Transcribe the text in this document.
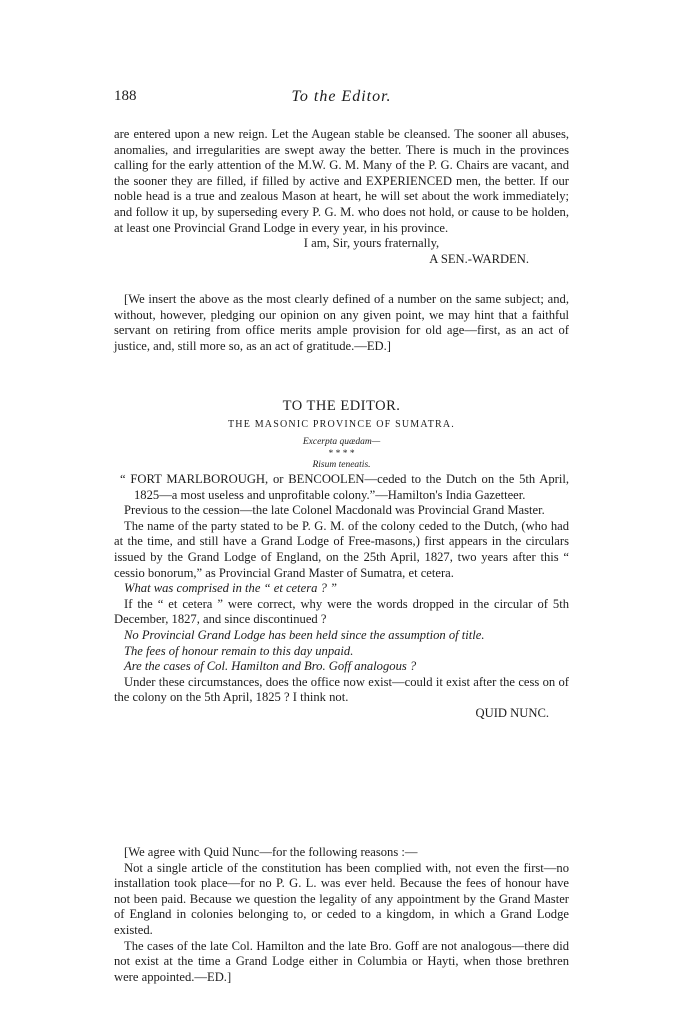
188	To the Editor.

are entered upon a new reign. Let the Augean stable be cleansed. The sooner all abuses, anomalies, and irregularities are swept away the better. There is much in the provinces calling for the early attention of the M.W. G. M. Many of the P. G. Chairs are vacant, and the sooner they are filled, if filled by active and EXPERIENCED men, the better. If our noble head is a true and zealous Mason at heart, he will set about the work immediately; and follow it up, by superseding every P. G. M. who does not hold, or cause to be holden, at least one Provincial Grand Lodge in every year, in his province.

I am, Sir, yours fraternally,

A SEN.-WARDEN.

[We insert the above as the most clearly defined of a number on the same subject; and, without, however, pledging our opinion on any given point, we may hint that a faithful servant on retiring from office merits ample provision for old age—first, as an act of justice, and, still more so, as an act of gratitude.—ED.]

TO THE EDITOR.
THE MASONIC PROVINCE OF SUMATRA.
Excerpta quædam—
* * * *
Risum teneatis.

“ FORT MARLBOROUGH, or BENCOOLEN—ceded to the Dutch on the 5th April, 1825—a most useless and unprofitable colony.”—Hamilton's India Gazetteer.

Previous to the cession—the late Colonel Macdonald was Provincial Grand Master.

The name of the party stated to be P. G. M. of the colony ceded to the Dutch, (who had at the time, and still have a Grand Lodge of Free-masons,) first appears in the circulars issued by the Grand Lodge of England, on the 25th April, 1827, two years after this “ cessio bonorum,” as Provincial Grand Master of Sumatra, et cetera.

What was comprised in the “ et cetera ? ”

If the “ et cetera ” were correct, why were the words dropped in the circular of 5th December, 1827, and since discontinued ?

No Provincial Grand Lodge has been held since the assumption of title.

The fees of honour remain to this day unpaid.

Are the cases of Col. Hamilton and Bro. Goff analogous ?

Under these circumstances, does the office now exist—could it exist after the cess on of the colony on the 5th April, 1825 ? I think not.

QUID NUNC.

[We agree with Quid Nunc—for the following reasons :—

Not a single article of the constitution has been complied with, not even the first—no installation took place—for no P. G. L. was ever held. Because the fees of honour have not been paid. Because we question the legality of any appointment by the Grand Master of England in colonies belonging to, or ceded to a kingdom, in which a Grand Lodge existed.

The cases of the late Col. Hamilton and the late Bro. Goff are not analogous—there did not exist at the time a Grand Lodge either in Columbia or Hayti, when those brethren were appointed.—ED.]
